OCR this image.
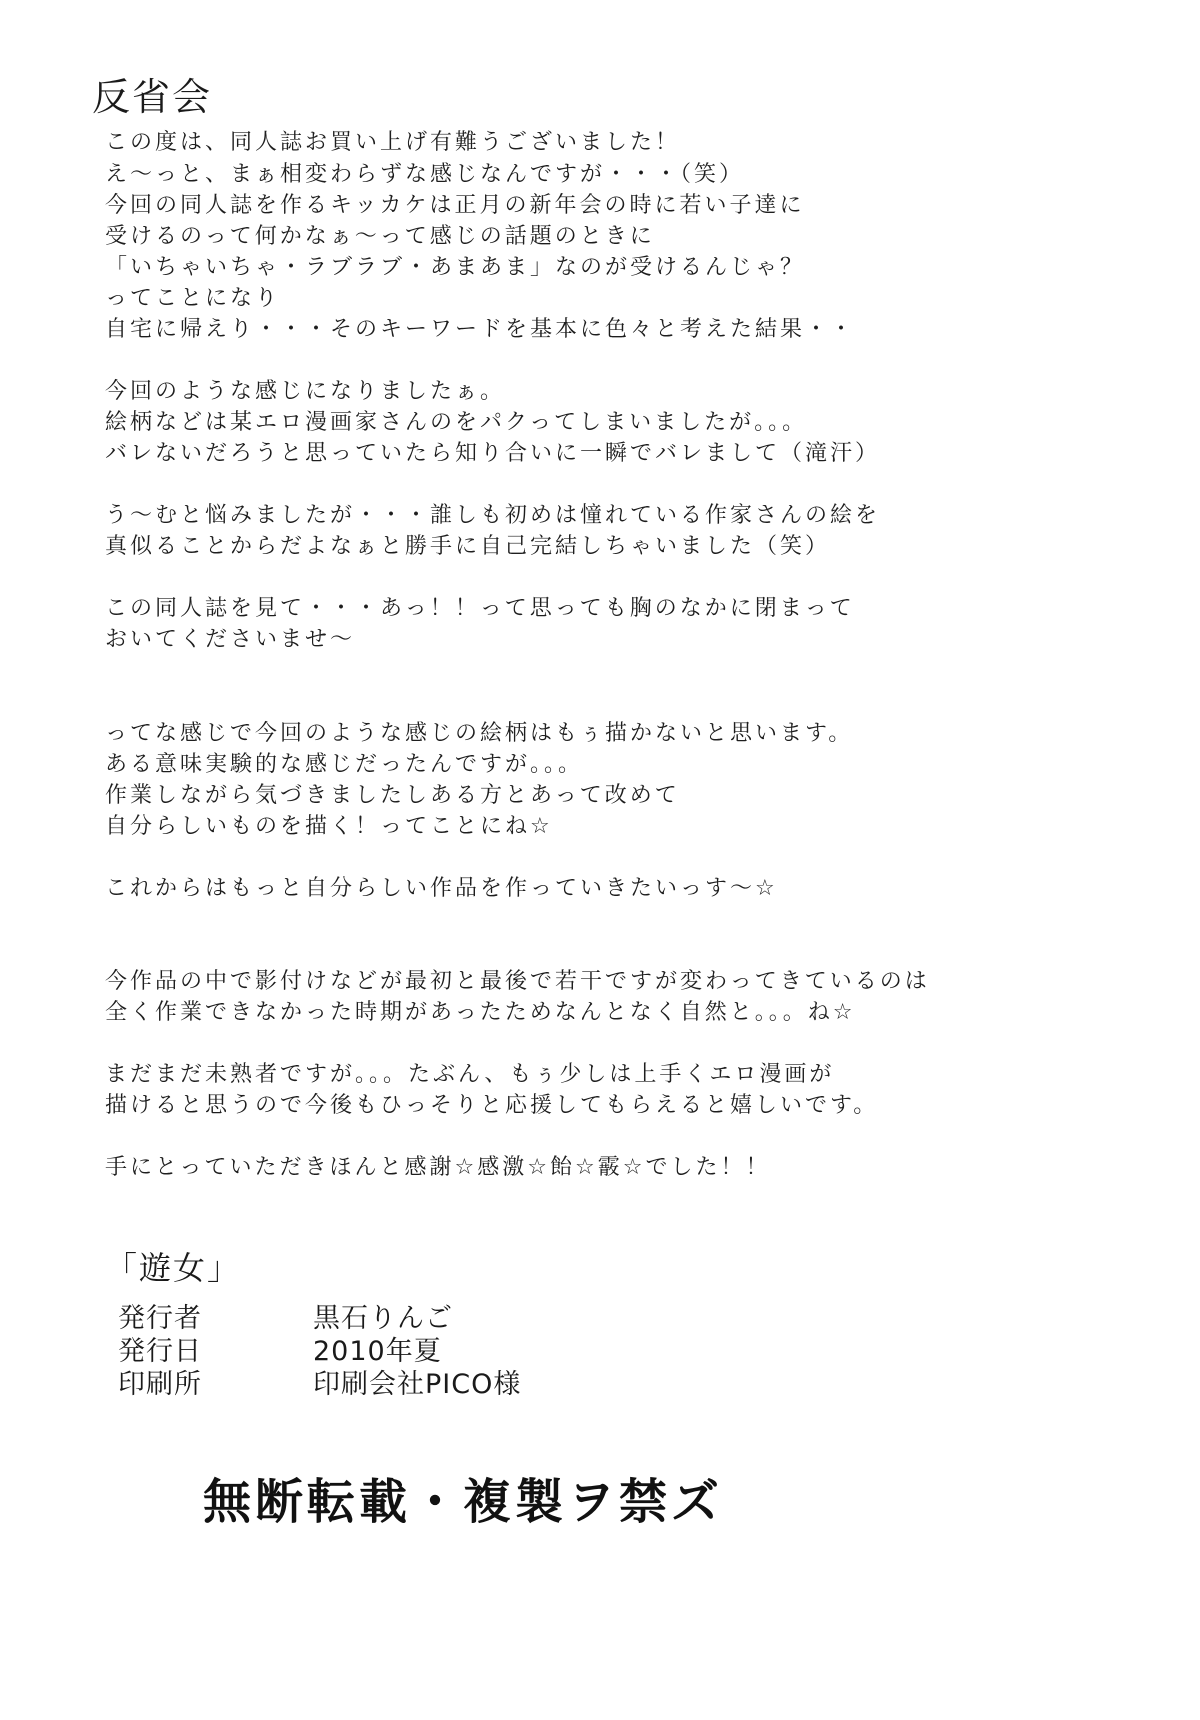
反省会
この度は、同人誌お買い上げ有難うございました！
え〜っと、まぁ相変わらずな感じなんですが・・・（笑）
今回の同人誌を作るキッカケは正月の新年会の時に若い子達に
受けるのって何かなぁ〜って感じの話題のときに
「いちゃいちゃ・ラブラブ・あまあま」なのが受けるんじゃ？
ってことになり
自宅に帰えり・・・そのキーワードを基本に色々と考えた結果・・
今回のような感じになりましたぁ。
絵柄などは某エロ漫画家さんのをパクってしまいましたが。。。
バレないだろうと思っていたら知り合いに一瞬でバレまして（滝汗）
う〜むと悩みましたが・・・誰しも初めは憧れている作家さんの絵を
真似ることからだよなぁと勝手に自己完結しちゃいました（笑）
この同人誌を見て・・・あっ！！って思っても胸のなかに閉まって
おいてくださいませ〜
ってな感じで今回のような感じの絵柄はもぅ描かないと思います。
ある意味実験的な感じだったんですが。。。
作業しながら気づきましたしある方とあって改めて
自分らしいものを描く！ってことにね☆
これからはもっと自分らしい作品を作っていきたいっす〜☆
今作品の中で影付けなどが最初と最後で若干ですが変わってきているのは
全く作業できなかった時期があったためなんとなく自然と。。。ね☆
まだまだ未熟者ですが。。。たぶん、もぅ少しは上手くエロ漫画が
描けると思うので今後もひっそりと応援してもらえると嬉しいです。
手にとっていただきほんと感謝☆感激☆飴☆霰☆でした！！
「遊女」
発行者	黒石りんご
発行日	2010年夏
印刷所	印刷会社PICO様
無断転載・複製ヲ禁ズ
